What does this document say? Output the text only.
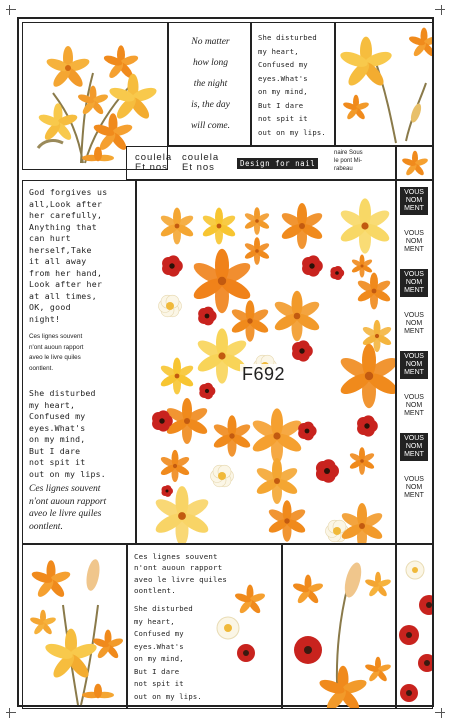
No matter
how long
the night
is, the day
will come.
She disturbed
my heart,
Confused my
eyes.What's
on my mind,
But I dare
not spit it
out on my lips.
coulela
Et nos
coulela
Et nos	Design for nail
naire Sous
le pont Mi-
rabeau
God forgives us
all,Look after
her carefully,
Anything that
can hurt
herself,Take
it all away
from her hand,
Look after her
at all times,
OK, good
night!
Ces lignes souvent
n'ont auoun rapport
aveo le livre quiles
oontlent.
She disturbed
my heart,
Confused my
eyes.What's
on my mind,
But I dare
not spit it
out on my lips.
Ces lignes souvent
n'ont auoun rapport
aveo le livre quiles
oontlent.
F692
VOUS NOM MENT
VOUS NOM MENT
VOUS NOM MENT
VOUS NOM MENT
VOUS NOM MENT
VOUS NOM MENT
VOUS NOM MENT
VOUS NOM MENT
Ces lignes souvent
n'ont auoun rapport
aveo le livre quiles
oontlent.
She disturbed
my heart,
Confused my
eyes.What's
on my mind,
But I dare
not spit it
out on my lips.
